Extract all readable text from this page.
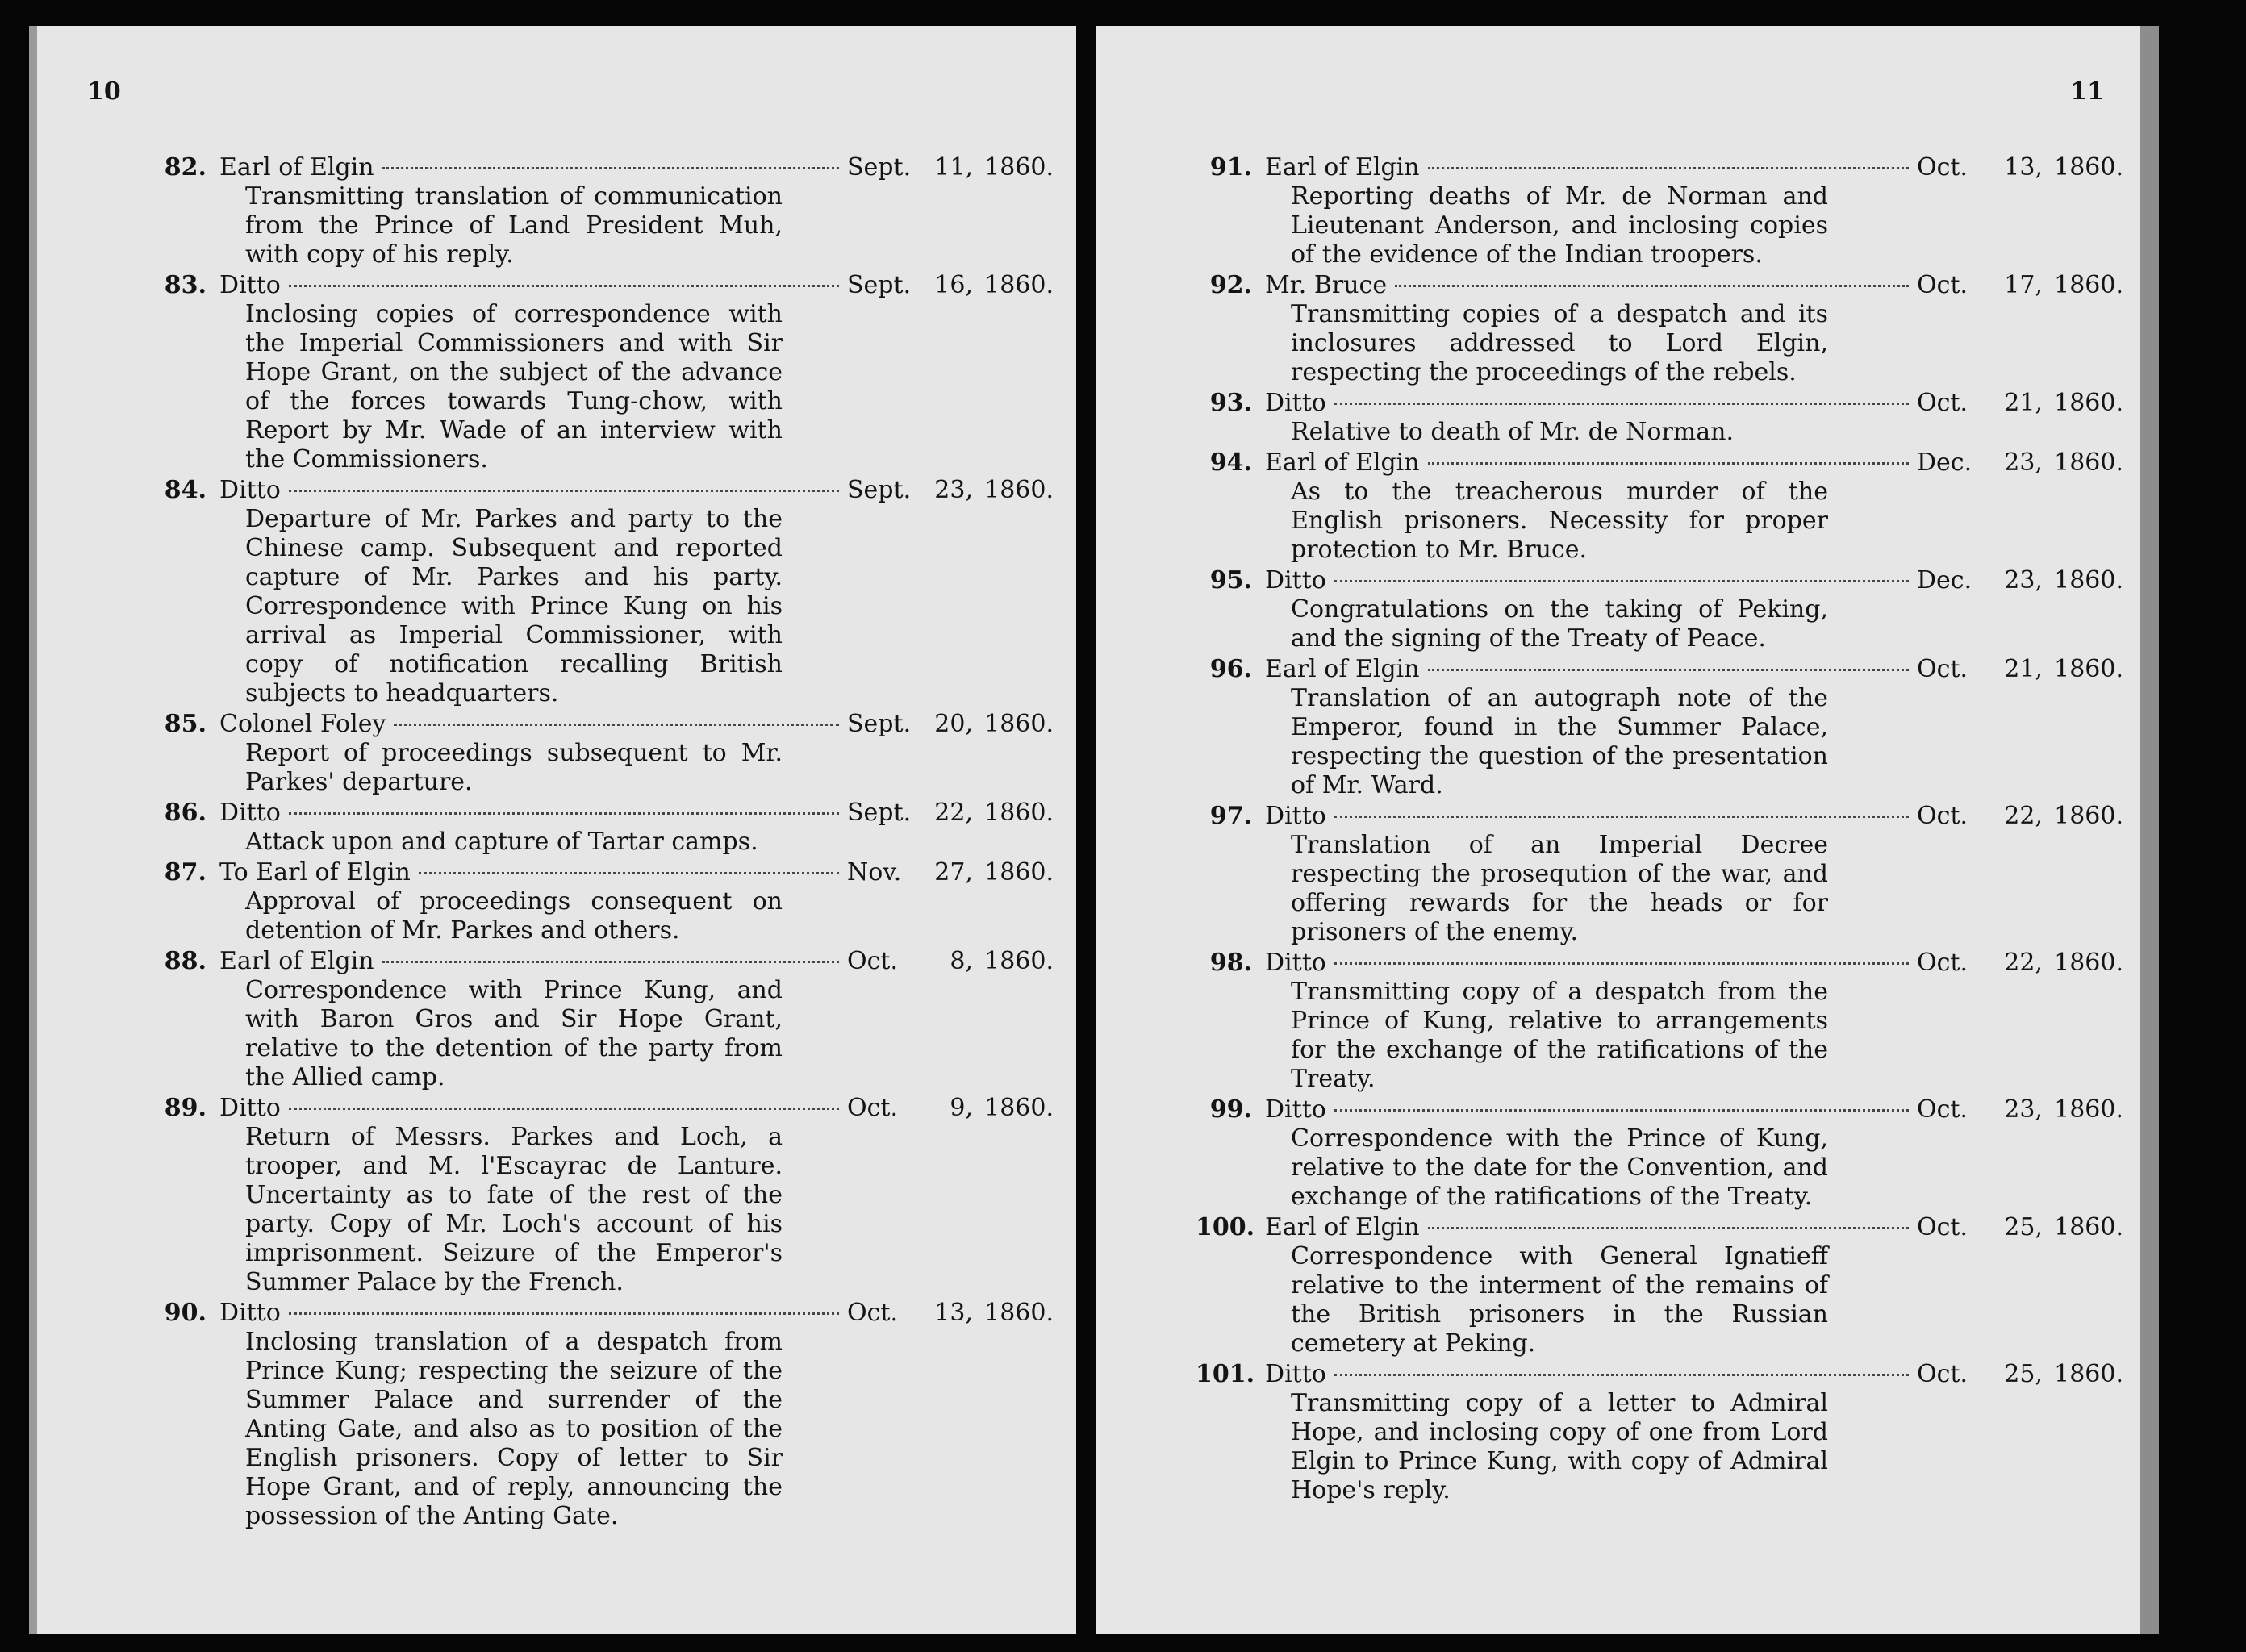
10
82. Earl of Elgin	Sept. 11, 1860.
Transmitting translation of communication from the Prince of Land President Muh, with copy of his reply.
83. Ditto	Sept. 16, 1860.
Inclosing copies of correspondence with the Imperial Commissioners and with Sir Hope Grant, on the subject of the advance of the forces towards Tung-chow, with Report by Mr. Wade of an interview with the Commissioners.
84. Ditto	Sept. 23, 1860.
Departure of Mr. Parkes and party to the Chinese camp. Subsequent and reported capture of Mr. Parkes and his party. Correspondence with Prince Kung on his arrival as Imperial Commissioner, with copy of notification recalling British subjects to headquarters.
85. Colonel Foley	Sept. 20, 1860.
Report of proceedings subsequent to Mr. Parkes' departure.
86. Ditto	Sept. 22, 1860.
Attack upon and capture of Tartar camps.
87. To Earl of Elgin	Nov.	27, 1860.
Approval of proceedings consequent on detention of Mr. Parkes and others.
88. Earl of Elgin	Oct.	8, 1860.
Correspondence with Prince Kung, and with Baron Gros and Sir Hope Grant, relative to the detention of the party from the Allied camp.
89. Ditto	Oct.	9, 1860.
Return of Messrs. Parkes and Loch, a trooper, and M. l'Escayrac de Lanture. Uncertainty as to fate of the rest of the party. Copy of Mr. Loch's account of his imprisonment. Seizure of the Emperor's Summer Palace by the French.
90. Ditto	Oct.	13, 1860.
Inclosing translation of a despatch from Prince Kung; respecting the seizure of the Summer Palace and surrender of the Anting Gate, and also as to position of the English prisoners. Copy of letter to Sir Hope Grant, and of reply, announcing the possession of the Anting Gate.
11
91. Earl of Elgin	Oct.	13, 1860.
Reporting deaths of Mr. de Norman and Lieutenant Anderson, and inclosing copies of the evidence of the Indian troopers.
92. Mr. Bruce	Oct.	17, 1860.
Transmitting copies of a despatch and its inclosures addressed to Lord Elgin, respecting the proceedings of the rebels.
93. Ditto	Oct.	21, 1860.
Relative to death of Mr. de Norman.
94. Earl of Elgin	Dec.	23, 1860.
As to the treacherous murder of the English prisoners. Necessity for proper protection to Mr. Bruce.
95. Ditto	Dec.	23, 1860.
Congratulations on the taking of Peking, and the signing of the Treaty of Peace.
96. Earl of Elgin	Oct.	21, 1860.
Translation of an autograph note of the Emperor, found in the Summer Palace, respecting the question of the presentation of Mr. Ward.
97. Ditto	Oct.	22, 1860.
Translation of an Imperial Decree respecting the proseqution of the war, and offering rewards for the heads or for prisoners of the enemy.
98. Ditto	Oct.	22, 1860.
Transmitting copy of a despatch from the Prince of Kung, relative to arrangements for the exchange of the ratifications of the Treaty.
99. Ditto	Oct.	23, 1860.
Correspondence with the Prince of Kung, relative to the date for the Convention, and exchange of the ratifications of the Treaty.
100. Earl of Elgin	Oct.	25, 1860.
Correspondence with General Ignatieff relative to the interment of the remains of the British prisoners in the Russian cemetery at Peking.
101. Ditto	Oct.	25, 1860.
Transmitting copy of a letter to Admiral Hope, and inclosing copy of one from Lord Elgin to Prince Kung, with copy of Admiral Hope's reply.
